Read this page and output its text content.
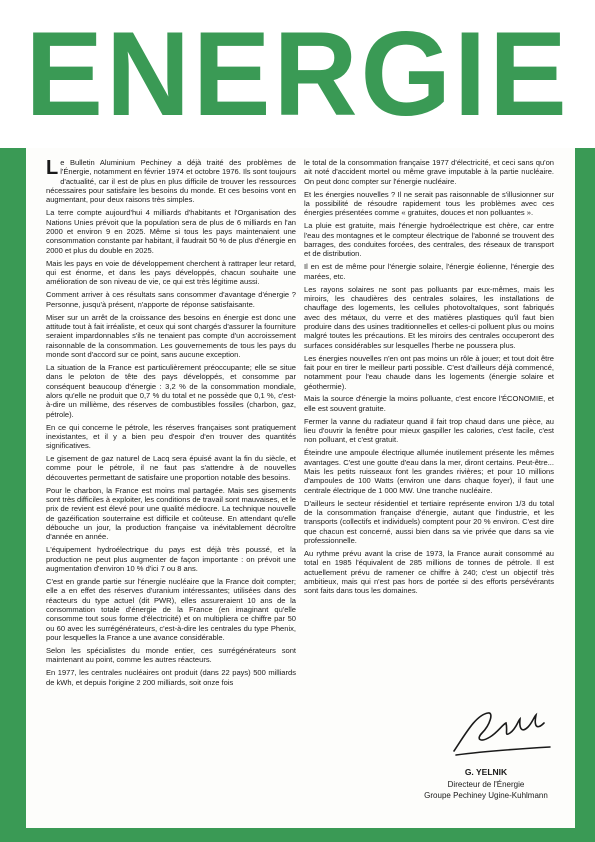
ENERGIE

Le Bulletin Aluminium Pechiney a déjà traité des problèmes de l'Énergie, notamment en février 1974 et octobre 1976. Ils sont toujours d'actualité, car il est de plus en plus difficile de trouver les ressources nécessaires pour satisfaire les besoins du monde. Et ces besoins vont en augmentant, pour deux raisons très simples.

La terre compte aujourd'hui 4 milliards d'habitants et l'Organisation des Nations Unies prévoit que la population sera de plus de 6 milliards en l'an 2000 et environ 9 en 2025. Même si tous les pays maintenaient une consommation constante par habitant, il faudrait 50 % de plus d'énergie en 2000 et plus du double en 2025.

Mais les pays en voie de développement cherchent à rattraper leur retard, qui est énorme, et dans les pays développés, chacun souhaite une amélioration de son niveau de vie, ce qui est très légitime aussi.

Comment arriver à ces résultats sans consommer d'avantage d'énergie ? Personne, jusqu'à présent, n'apporte de réponse satisfaisante.

Miser sur un arrêt de la croissance des besoins en énergie est donc une attitude tout à fait irréaliste, et ceux qui sont chargés d'assurer la fourniture seraient impardonnables s'ils ne tenaient pas compte d'un accroissement raisonnable de la consommation. Les gouvernements de tous les pays du monde sont d'accord sur ce point, sans aucune exception.

La situation de la France est particulièrement préoccupante; elle se situe dans le peloton de tête des pays développés, et consomme par conséquent beaucoup d'énergie : 3,2 % de la consommation mondiale, alors qu'elle ne produit que 0,7 % du total et ne possède que 0,1 %, c'est-à-dire un millième, des réserves de combustibles fossiles (charbon, gaz, pétrole).

En ce qui concerne le pétrole, les réserves françaises sont pratiquement inexistantes, et il y a bien peu d'espoir d'en trouver des quantités significatives.

Le gisement de gaz naturel de Lacq sera épuisé avant la fin du siècle, et comme pour le pétrole, il ne faut pas s'attendre à de nouvelles découvertes permettant de satisfaire une proportion notable des besoins.

Pour le charbon, la France est moins mal partagée. Mais ses gisements sont très difficiles à exploiter, les conditions de travail sont mauvaises, et le prix de revient est élevé pour une qualité médiocre. La technique nouvelle de gazéification souterraine est difficile et coûteuse. En attendant qu'elle débouche un jour, la production française va inévitablement décroître d'année en année.

L'équipement hydroélectrique du pays est déjà très poussé, et la production ne peut plus augmenter de façon importante : on prévoit une augmentation d'environ 10 % d'ici 7 ou 8 ans.

C'est en grande partie sur l'énergie nucléaire que la France doit compter; elle a en effet des réserves d'uranium intéressantes; utilisées dans des réacteurs du type actuel (dit PWR), elles assureraient 10 ans de la consommation totale d'énergie de la France (en imaginant qu'elle consomme tout sous forme d'électricité) et on multipliera ce chiffre par 50 ou 60 avec les surrégénérateurs, c'est-à-dire les centrales du type Phenix, pour lesquelles la France a une avance considérable.

Selon les spécialistes du monde entier, ces surrégénérateurs sont maintenant au point, comme les autres réacteurs.

En 1977, les centrales nucléaires ont produit (dans 22 pays) 500 milliards de kWh, et depuis l'origine 2 200 milliards, soit onze fois

le total de la consommation française 1977 d'électricité, et ceci sans qu'on ait noté d'accident mortel ou même grave imputable à la partie nucléaire. On peut donc compter sur l'énergie nucléaire.

Et les énergies nouvelles ? Il ne serait pas raisonnable de s'illusionner sur la possibilité de résoudre rapidement tous les problèmes avec ces énergies présentées comme « gratuites, douces et non polluantes ».

La pluie est gratuite, mais l'énergie hydroélectrique est chère, car entre l'eau des montagnes et le compteur électrique de l'abonné se trouvent des barrages, des conduites forcées, des centrales, des réseaux de transport et de distribution.

Il en est de même pour l'énergie solaire, l'énergie éolienne, l'énergie des marées, etc.

Les rayons solaires ne sont pas polluants par eux-mêmes, mais les miroirs, les chaudières des centrales solaires, les installations de chauffage des logements, les cellules photovoltaïques, sont fabriqués avec des métaux, du verre et des matières plastiques qu'il faut bien produire dans des usines traditionnelles et celles-ci polluent plus ou moins malgré toutes les précautions. Et les miroirs des centrales occuperont des surfaces considérables sur lesquelles l'herbe ne poussera plus.

Les énergies nouvelles n'en ont pas moins un rôle à jouer; et tout doit être fait pour en tirer le meilleur parti possible. C'est d'ailleurs déjà commencé, notamment pour l'eau chaude dans les logements (énergie solaire et géothermie).

Mais la source d'énergie la moins polluante, c'est encore l'ÉCONOMIE, et elle est souvent gratuite.

Fermer la vanne du radiateur quand il fait trop chaud dans une pièce, au lieu d'ouvrir la fenêtre pour mieux gaspiller les calories, c'est facile, c'est non polluant, et c'est gratuit.

Éteindre une ampoule électrique allumée inutilement présente les mêmes avantages. C'est une goutte d'eau dans la mer, diront certains. Peut-être... Mais les petits ruisseaux font les grandes rivières; et pour 10 millions d'ampoules de 100 Watts (environ une dans chaque foyer), il faut une centrale électrique de 1 000 MW. Une tranche nucléaire.

D'ailleurs le secteur résidentiel et tertiaire représente environ 1/3 du total de la consommation française d'énergie, autant que l'industrie, et les transports (collectifs et individuels) comptent pour 20 % environ. C'est dire que chacun est concerné, aussi bien dans sa vie privée que dans sa vie professionnelle.

Au rythme prévu avant la crise de 1973, la France aurait consommé au total en 1985 l'équivalent de 285 millions de tonnes de pétrole. Il est actuellement prévu de ramener ce chiffre à 240; c'est un objectif très ambitieux, mais qui n'est pas hors de portée si des efforts persévérants sont faits dans tous les domaines.

G. YELNIK
Directeur de l'Énergie
Groupe Pechiney Ugine-Kuhlmann
